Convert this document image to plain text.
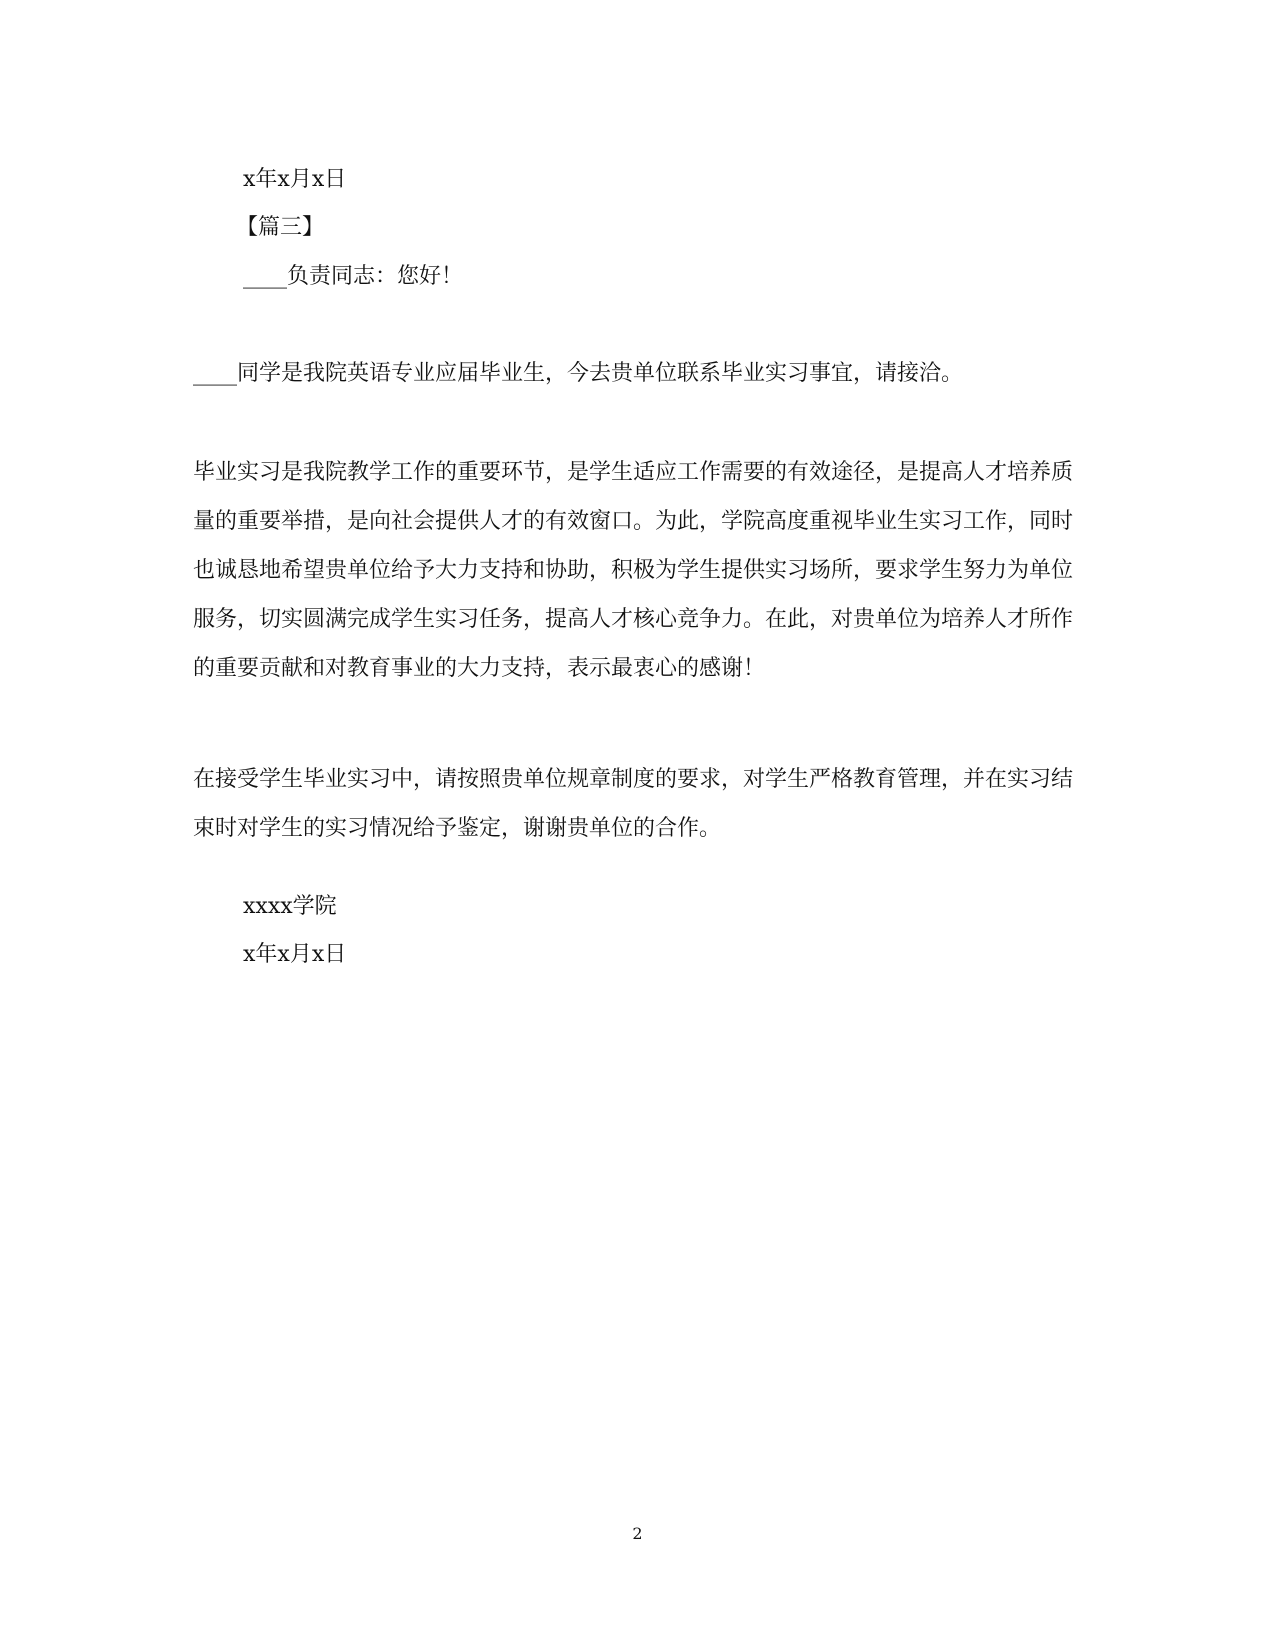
x年x月x日
【篇三】
____负责同志：您好！
____同学是我院英语专业应届毕业生，今去贵单位联系毕业实习事宜，请接洽。
毕业实习是我院教学工作的重要环节，是学生适应工作需要的有效途径，是提高人才培养质量的重要举措，是向社会提供人才的有效窗口。为此，学院高度重视毕业生实习工作，同时也诚恳地希望贵单位给予大力支持和协助，积极为学生提供实习场所，要求学生努力为单位服务，切实圆满完成学生实习任务，提高人才核心竞争力。在此，对贵单位为培养人才所作的重要贡献和对教育事业的大力支持，表示最衷心的感谢！
在接受学生毕业实习中，请按照贵单位规章制度的要求，对学生严格教育管理，并在实习结束时对学生的实习情况给予鉴定，谢谢贵单位的合作。
xxxx学院
x年x月x日
2
